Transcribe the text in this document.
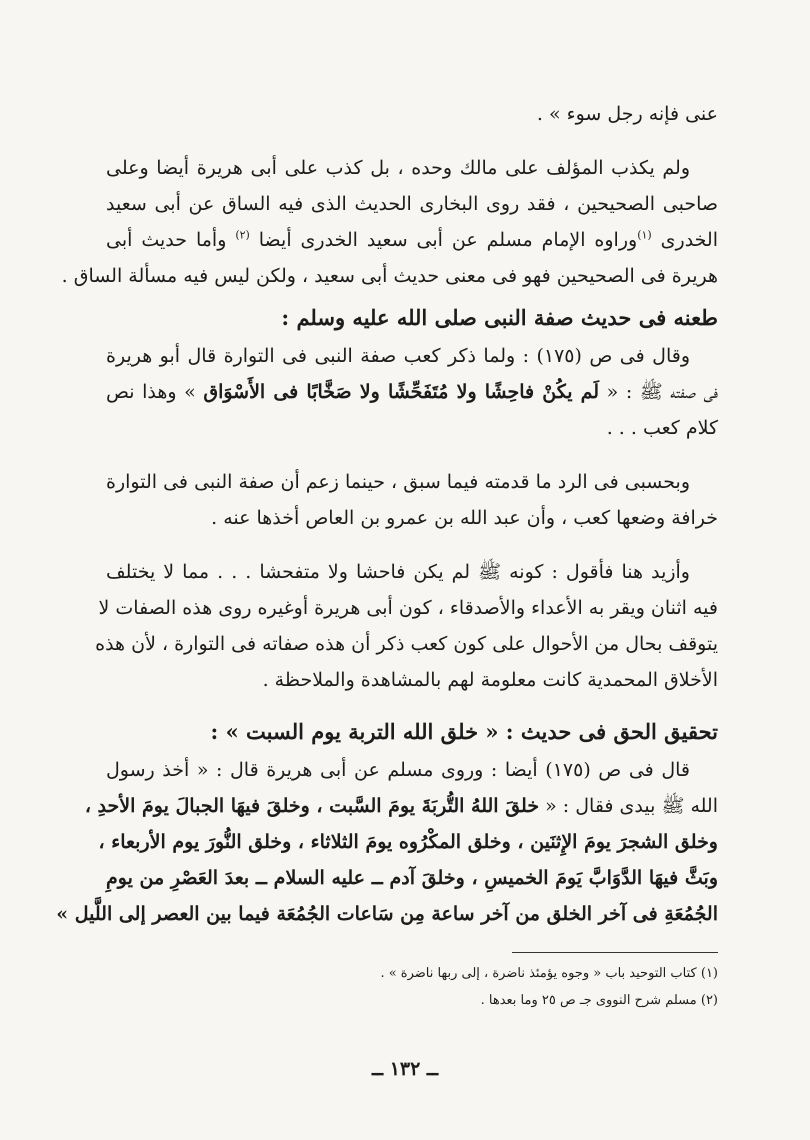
عنى فإنه رجل سوء » .
ولم يكذب المؤلف على مالك وحده ، بل كذب على أبى هريرة أيضا وعلى
صاحبى الصحيحين ، فقد روى البخارى الحديث الذى فيه الساق عن أبى سعيد
الخدرى $^{(١)}$وراوه الإمام مسلم عن أبى سعيد الخدرى أيضا $^{(٢)}$ وأما حديث أبى
هريرة فى الصحيحين فهو فى معنى حديث أبى سعيد ، ولكن ليس فيه مسألة الساق .
طعنه فى حديث صفة النبى صلى الله عليه وسلم :
وقال فى ص (١٧٥) : ولما ذكر كعب صفة النبى فى التوارة قال أبو هريرة
فى صفته ﷺ : « لَم يكُنْ فاحِشًا ولا مُتَفَحِّشًا ولا صَخَّابًا فى الأَسْوَاق » وهذا نص
كلام كعب . . .
وبحسبى فى الرد ما قدمته فيما سبق ، حينما زعم أن صفة النبى فى التوارة
خرافة وضعها كعب ، وأن عبد الله بن عمرو بن العاص أخذها عنه .
وأزيد هنا فأقول : كونه ﷺ لم يكن فاحشا ولا متفحشا . . . مما لا يختلف
فيه اثنان ويقر به الأعداء والأصدقاء ، كون أبى هريرة أوغيره روى هذه الصفات لا
يتوقف بحال من الأحوال على كون كعب ذكر أن هذه صفاته فى التوارة ، لأن هذه
الأخلاق المحمدية كانت معلومة لهم بالمشاهدة والملاحظة .
تحقيق الحق فى حديث : « خلق الله التربة يوم السبت » :
قال فى ص (١٧٥) أيضا : وروى مسلم عن أبى هريرة قال : « أخذ رسول
الله ﷺ بيدى فقال : « خلقَ اللهُ التُّربَةَ يومَ السَّبت ، وخلقَ فيهَا الجبالَ يومَ الأحدِ ،
وخلق الشجرَ يومَ الإِثنَين ، وخلق المكْرُوه يومَ الثلاثاء ، وخلق النُّورَ يوم الأربعاء ،
وبَثَّ فيهَا الدَّوَابَّ يَومَ الخميسِ ، وخلقَ آدم ــ عليه السلام ــ بعدَ العَصْرِ من يومِ
الجُمُعَةِ فى آخر الخلق من آخر ساعة مِن سَاعات الجُمُعَة فيما بين العصر إلى اللَّيل »
(١) كتاب التوحيد باب « وجوه يؤمئذ ناضرة ، إلى ربها ناضرة » .
(٢) مسلم شرح النووى جـ ص ٢٥ وما بعدها .
ــ ١٣٢ ــ
